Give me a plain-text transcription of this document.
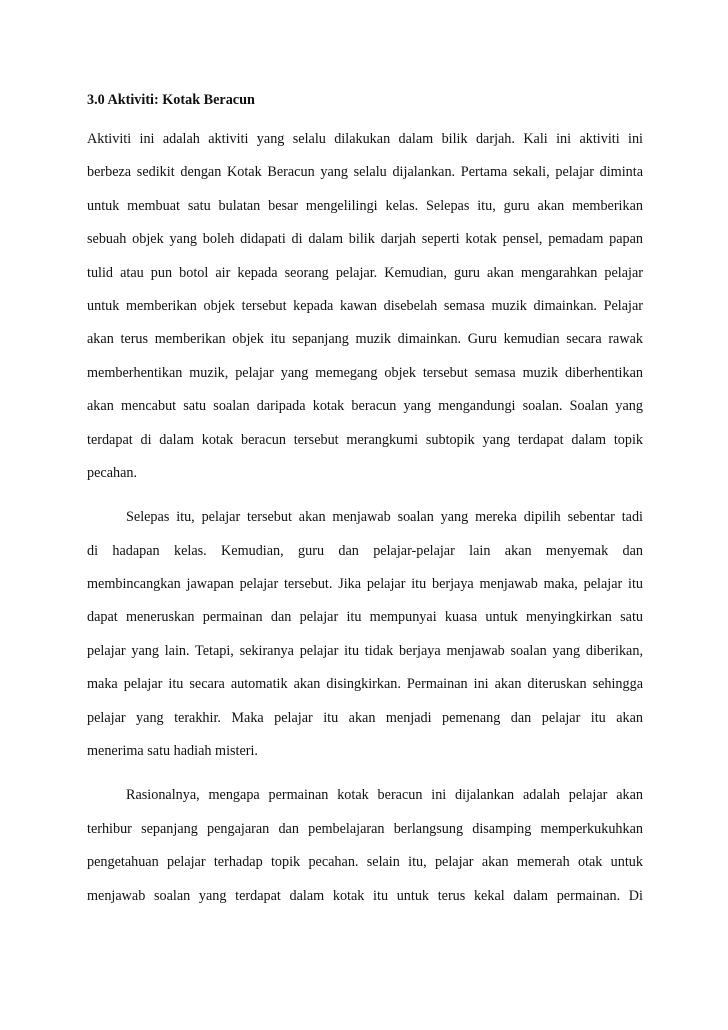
3.0 Aktiviti: Kotak Beracun
Aktiviti ini adalah aktiviti yang selalu dilakukan dalam bilik darjah. Kali ini aktiviti ini
berbeza sedikit dengan Kotak Beracun yang selalu dijalankan. Pertama sekali, pelajar diminta
untuk membuat satu bulatan besar mengelilingi kelas. Selepas itu, guru akan memberikan
sebuah objek yang boleh didapati di dalam bilik darjah seperti kotak pensel, pemadam papan
tulid atau pun botol air kepada seorang pelajar. Kemudian, guru akan mengarahkan pelajar
untuk memberikan objek tersebut kepada kawan disebelah semasa muzik dimainkan. Pelajar
akan terus memberikan objek itu sepanjang muzik dimainkan. Guru kemudian secara rawak
memberhentikan muzik, pelajar yang memegang objek tersebut semasa muzik diberhentikan
akan mencabut satu soalan daripada kotak beracun yang mengandungi soalan. Soalan yang
terdapat di dalam kotak beracun tersebut merangkumi subtopik yang terdapat dalam topik
pecahan.
Selepas itu, pelajar tersebut akan menjawab soalan yang mereka dipilih sebentar tadi
di hadapan kelas. Kemudian, guru dan pelajar-pelajar lain akan menyemak dan
membincangkan jawapan pelajar tersebut. Jika pelajar itu berjaya menjawab maka, pelajar itu
dapat meneruskan permainan dan pelajar itu mempunyai kuasa untuk menyingkirkan satu
pelajar yang lain. Tetapi, sekiranya pelajar itu tidak berjaya menjawab soalan yang diberikan,
maka pelajar itu secara automatik akan disingkirkan. Permainan ini akan diteruskan sehingga
pelajar yang terakhir. Maka pelajar itu akan menjadi pemenang dan pelajar itu akan
menerima satu hadiah misteri.
Rasionalnya, mengapa permainan kotak beracun ini dijalankan adalah pelajar akan
terhibur sepanjang pengajaran dan pembelajaran berlangsung disamping memperkukuhkan
pengetahuan pelajar terhadap topik pecahan. selain itu, pelajar akan memerah otak untuk
menjawab soalan yang terdapat dalam kotak itu untuk terus kekal dalam permainan. Di
